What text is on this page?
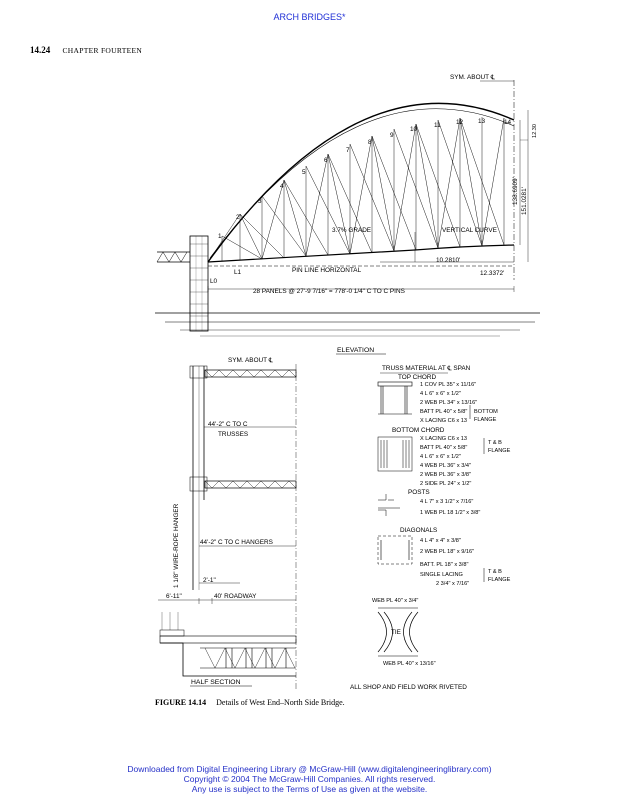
ARCH BRIDGES*
14.24 CHAPTER FOURTEEN
SYM. ABOUT ℄
1
2
3
4
5
6
7
8
9
10
11 12 13	14
L0
L1
3.7% GRADE	VERTICAL CURVE
PIN LINE HORIZONTAL
10.2810'
12.3372'
138.6909' 151.0281'
12.30
28 PANELS @ 27'-9 7/16" = 778'-0 1/4" C TO C PINS
ELEVATION
SYM. ABOUT ℄
44'-2" C TO C
TRUSSES
44'-2" C TO C HANGERS
1 1/8" WIRE-ROPE HANGER	2'-1"
6'-11"	40' ROADWAY
HALF SECTION
TRUSS MATERIAL AT ℄ SPAN
TOP CHORD
1 COV PL 35" x 11/16"
4 L 6" x 6" x 1/2"
2 WEB PL 34" x 13/16"
BATT PL 40" x 5/8"
X LACING C6 x 13
BOTTOM
FLANGE
BOTTOM CHORD
X LACING C6 x 13
BATT PL 40" x 5/8"
4 L 6" x 6" x 1/2"
4 WEB PL 36" x 3/4"
2 WEB PL 36" x 3/8"
2 SIDE PL 24" x 1/2"
T & B
FLANGE
POSTS
4 L 7" x 3 1/2" x 7/16"
1 WEB PL 18 1/2" x 3/8"
DIAGONALS
4 L 4" x 4" x 3/8"
2 WEB PL 18" x 9/16"
BATT. PL 18" x 3/8"
SINGLE LACING
2 3/4" x 7/16"
T & B
FLANGE
WEB PL 40" x 3/4"
TIE
WEB PL 40" x 13/16"
ALL SHOP AND FIELD WORK RIVETED
FIGURE 14.14 Details of West End–North Side Bridge.
Downloaded from Digital Engineering Library @ McGraw-Hill (www.digitalengineeringlibrary.com)
Copyright © 2004 The McGraw-Hill Companies. All rights reserved.
Any use is subject to the Terms of Use as given at the website.
